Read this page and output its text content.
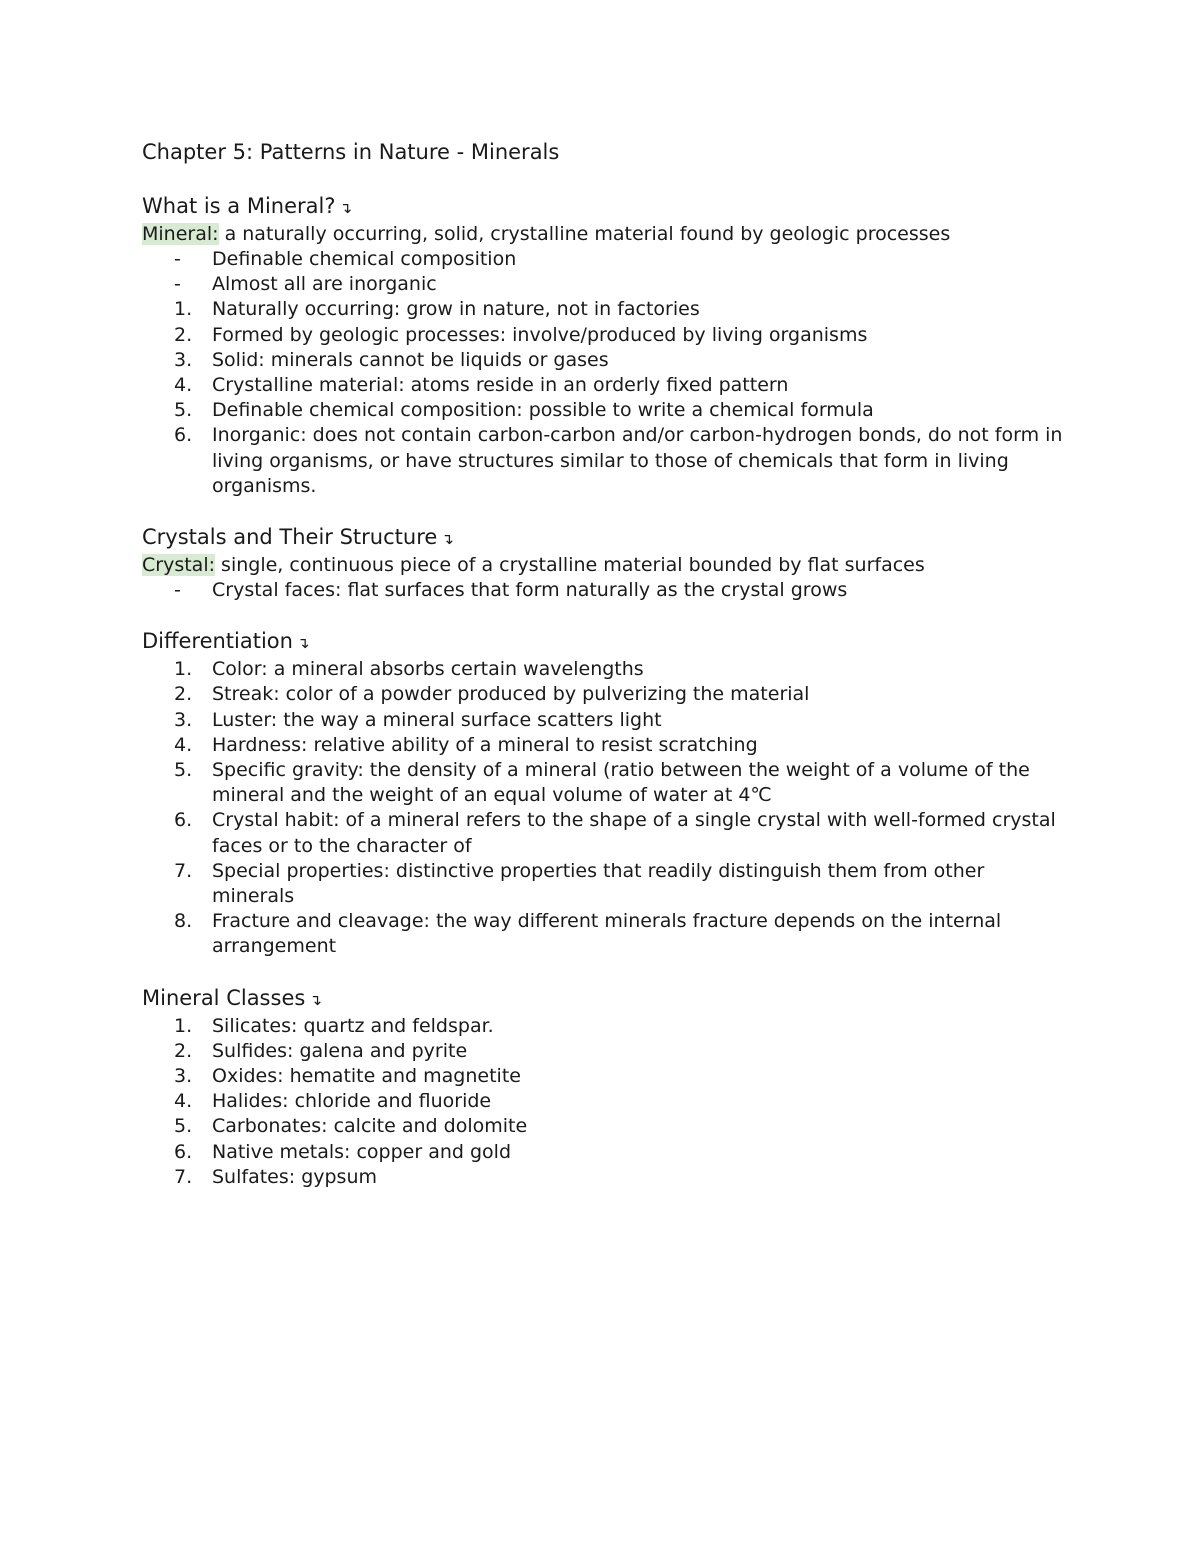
Chapter 5: Patterns in Nature - Minerals
What is a Mineral? ↴

Mineral: a naturally occurring, solid, crystalline material found by geologic processes

-	Definable chemical composition
-	Almost all are inorganic
1.	Naturally occurring: grow in nature, not in factories
2.	Formed by geologic processes: involve/produced by living organisms
3.	Solid: minerals cannot be liquids or gases
4.	Crystalline material: atoms reside in an orderly fixed pattern
5.	Definable chemical composition: possible to write a chemical formula
6.	Inorganic: does not contain carbon-carbon and/or carbon-hydrogen bonds, do not form in living organisms, or have structures similar to those of chemicals that form in living organisms.
Crystals and Their Structure ↴

Crystal: single, continuous piece of a crystalline material bounded by flat surfaces

-	Crystal faces: flat surfaces that form naturally as the crystal grows
Differentiation ↴
1.	Color: a mineral absorbs certain wavelengths
2.	Streak: color of a powder produced by pulverizing the material
3.	Luster: the way a mineral surface scatters light
4.	Hardness: relative ability of a mineral to resist scratching
5.	Specific gravity: the density of a mineral (ratio between the weight of a volume of the mineral and the weight of an equal volume of water at 4℃
6.	Crystal habit: of a mineral refers to the shape of a single crystal with well-formed crystal faces or to the character of
7.	Special properties: distinctive properties that readily distinguish them from other minerals
8.	Fracture and cleavage: the way different minerals fracture depends on the internal arrangement
Mineral Classes ↴
1.	Silicates: quartz and feldspar.
2.	Sulfides: galena and pyrite
3.	Oxides: hematite and magnetite
4.	Halides: chloride and fluoride
5.	Carbonates: calcite and dolomite
6.	Native metals: copper and gold
7.	Sulfates: gypsum
